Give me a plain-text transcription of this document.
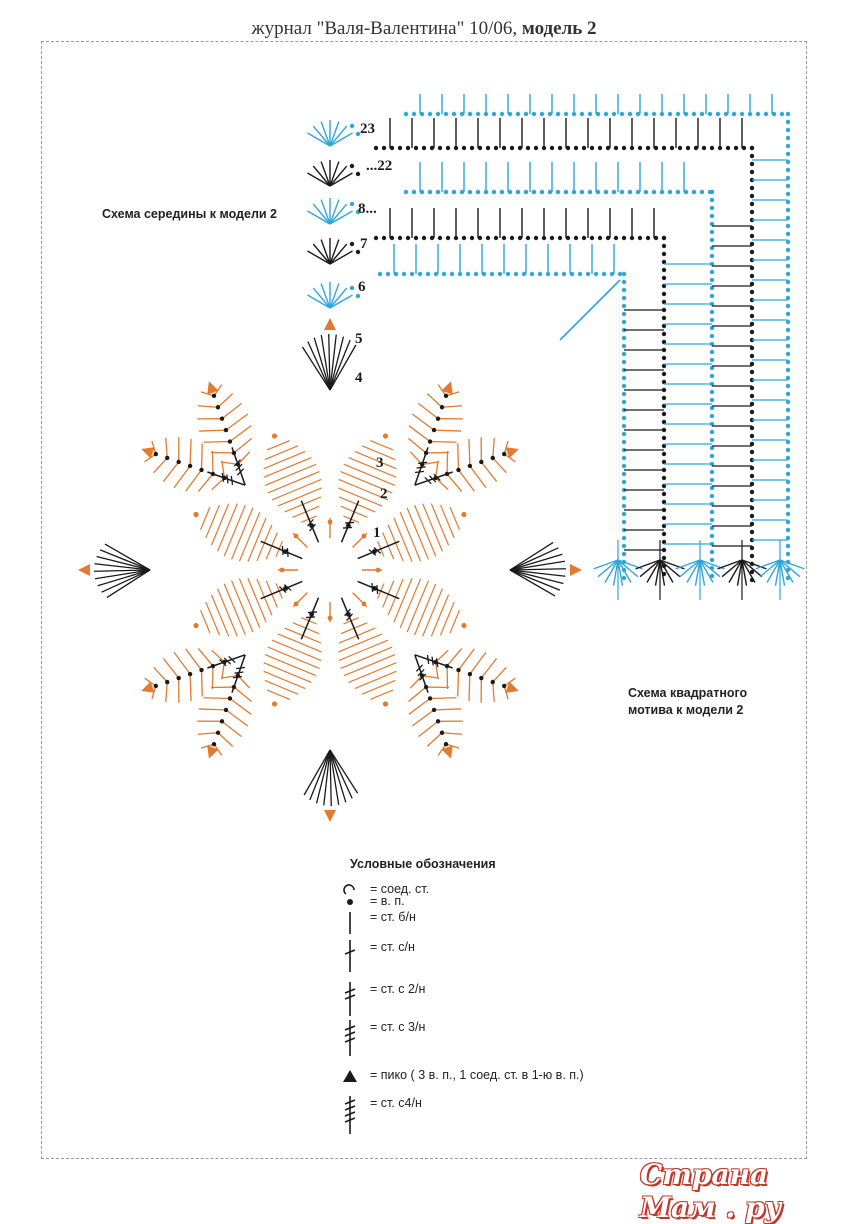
журнал "Валя-Валентина" 10/06, модель 2
23
...22
8...
7
6
5
4
3
2
1
Схема середины к модели 2
Схема квадратного мотива к модели 2
Условные обозначения
= соед. ст.
= в. п.
= ст. б/н
= ст. с/н
= ст. с 2/н
= ст. с 3/н
= пико ( 3 в. п., 1 соед. ст. в 1-ю в. п.)
= ст. с4/н
Страна Мам . ру
